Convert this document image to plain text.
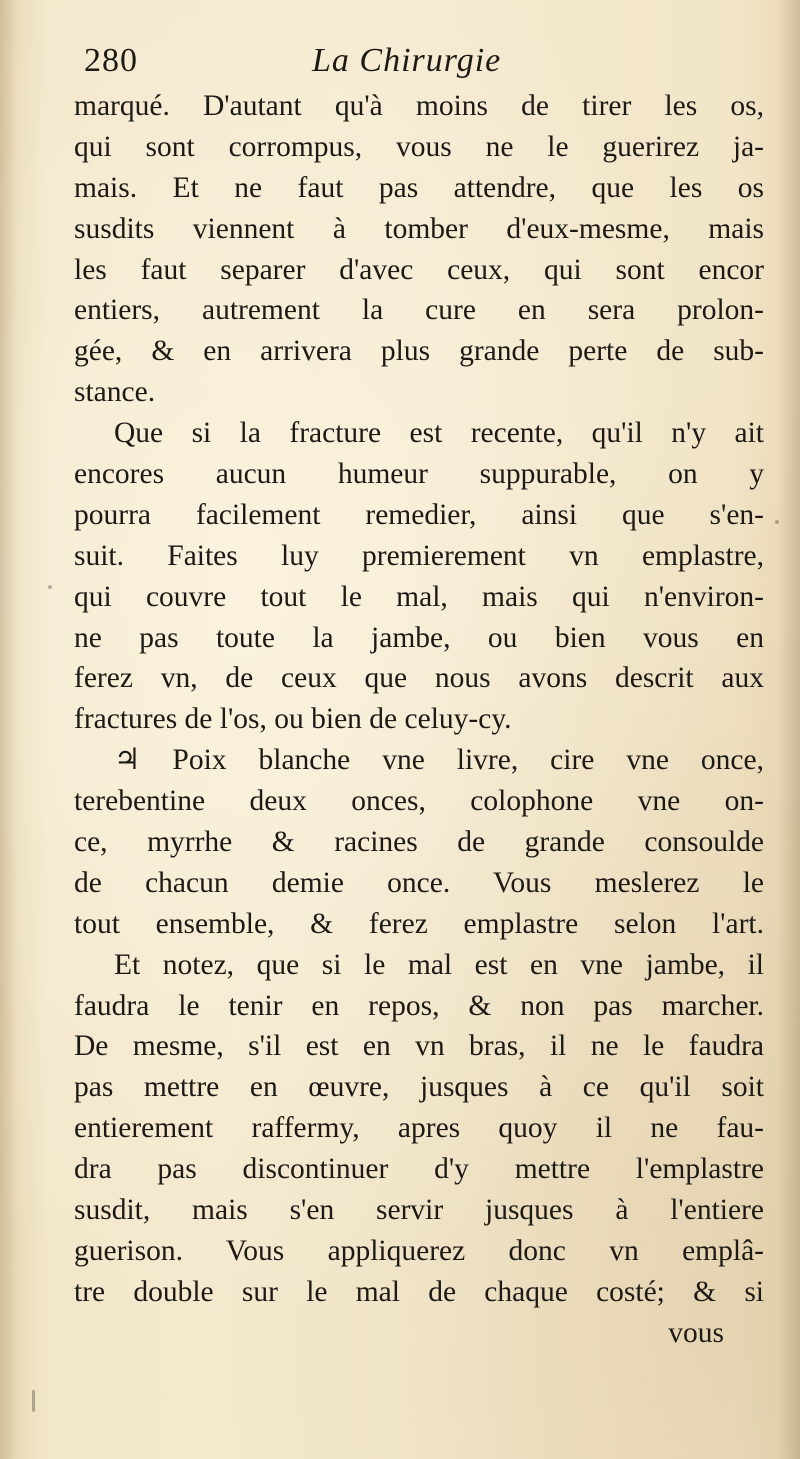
280	La Chirurgie
marqué. D'autant qu'à moins de tirer les os,
qui sont corrompus, vous ne le guerirez ja-
mais. Et ne faut pas attendre, que les os
susdits viennent à tomber d'eux-mesme, mais
les faut separer d'avec ceux, qui sont encor
entiers, autrement la cure en sera prolon-
gée, & en arrivera plus grande perte de sub-
stance.
Que si la fracture est recente, qu'il n'y ait
encores aucun humeur suppurable, on y
pourra facilement remedier, ainsi que s'en-
suit. Faites luy premierement vn emplastre,
qui couvre tout le mal, mais qui n'environ-
ne pas toute la jambe, ou bien vous en
ferez vn, de ceux que nous avons descrit aux
fractures de l'os, ou bien de celuy-cy.
♃ Poix blanche vne livre, cire vne once,
terebentine deux onces, colophone vne on-
ce, myrrhe & racines de grande consoulde
de chacun demie once. Vous meslerez le
tout ensemble, & ferez emplastre selon l'art.
Et notez, que si le mal est en vne jambe, il
faudra le tenir en repos, & non pas marcher.
De mesme, s'il est en vn bras, il ne le faudra
pas mettre en œuvre, jusques à ce qu'il soit
entierement raffermy, apres quoy il ne fau-
dra pas discontinuer d'y mettre l'emplastre
susdit, mais s'en servir jusques à l'entiere
guerison. Vous appliquerez donc vn emplâ-
tre double sur le mal de chaque costé; & si
vous
